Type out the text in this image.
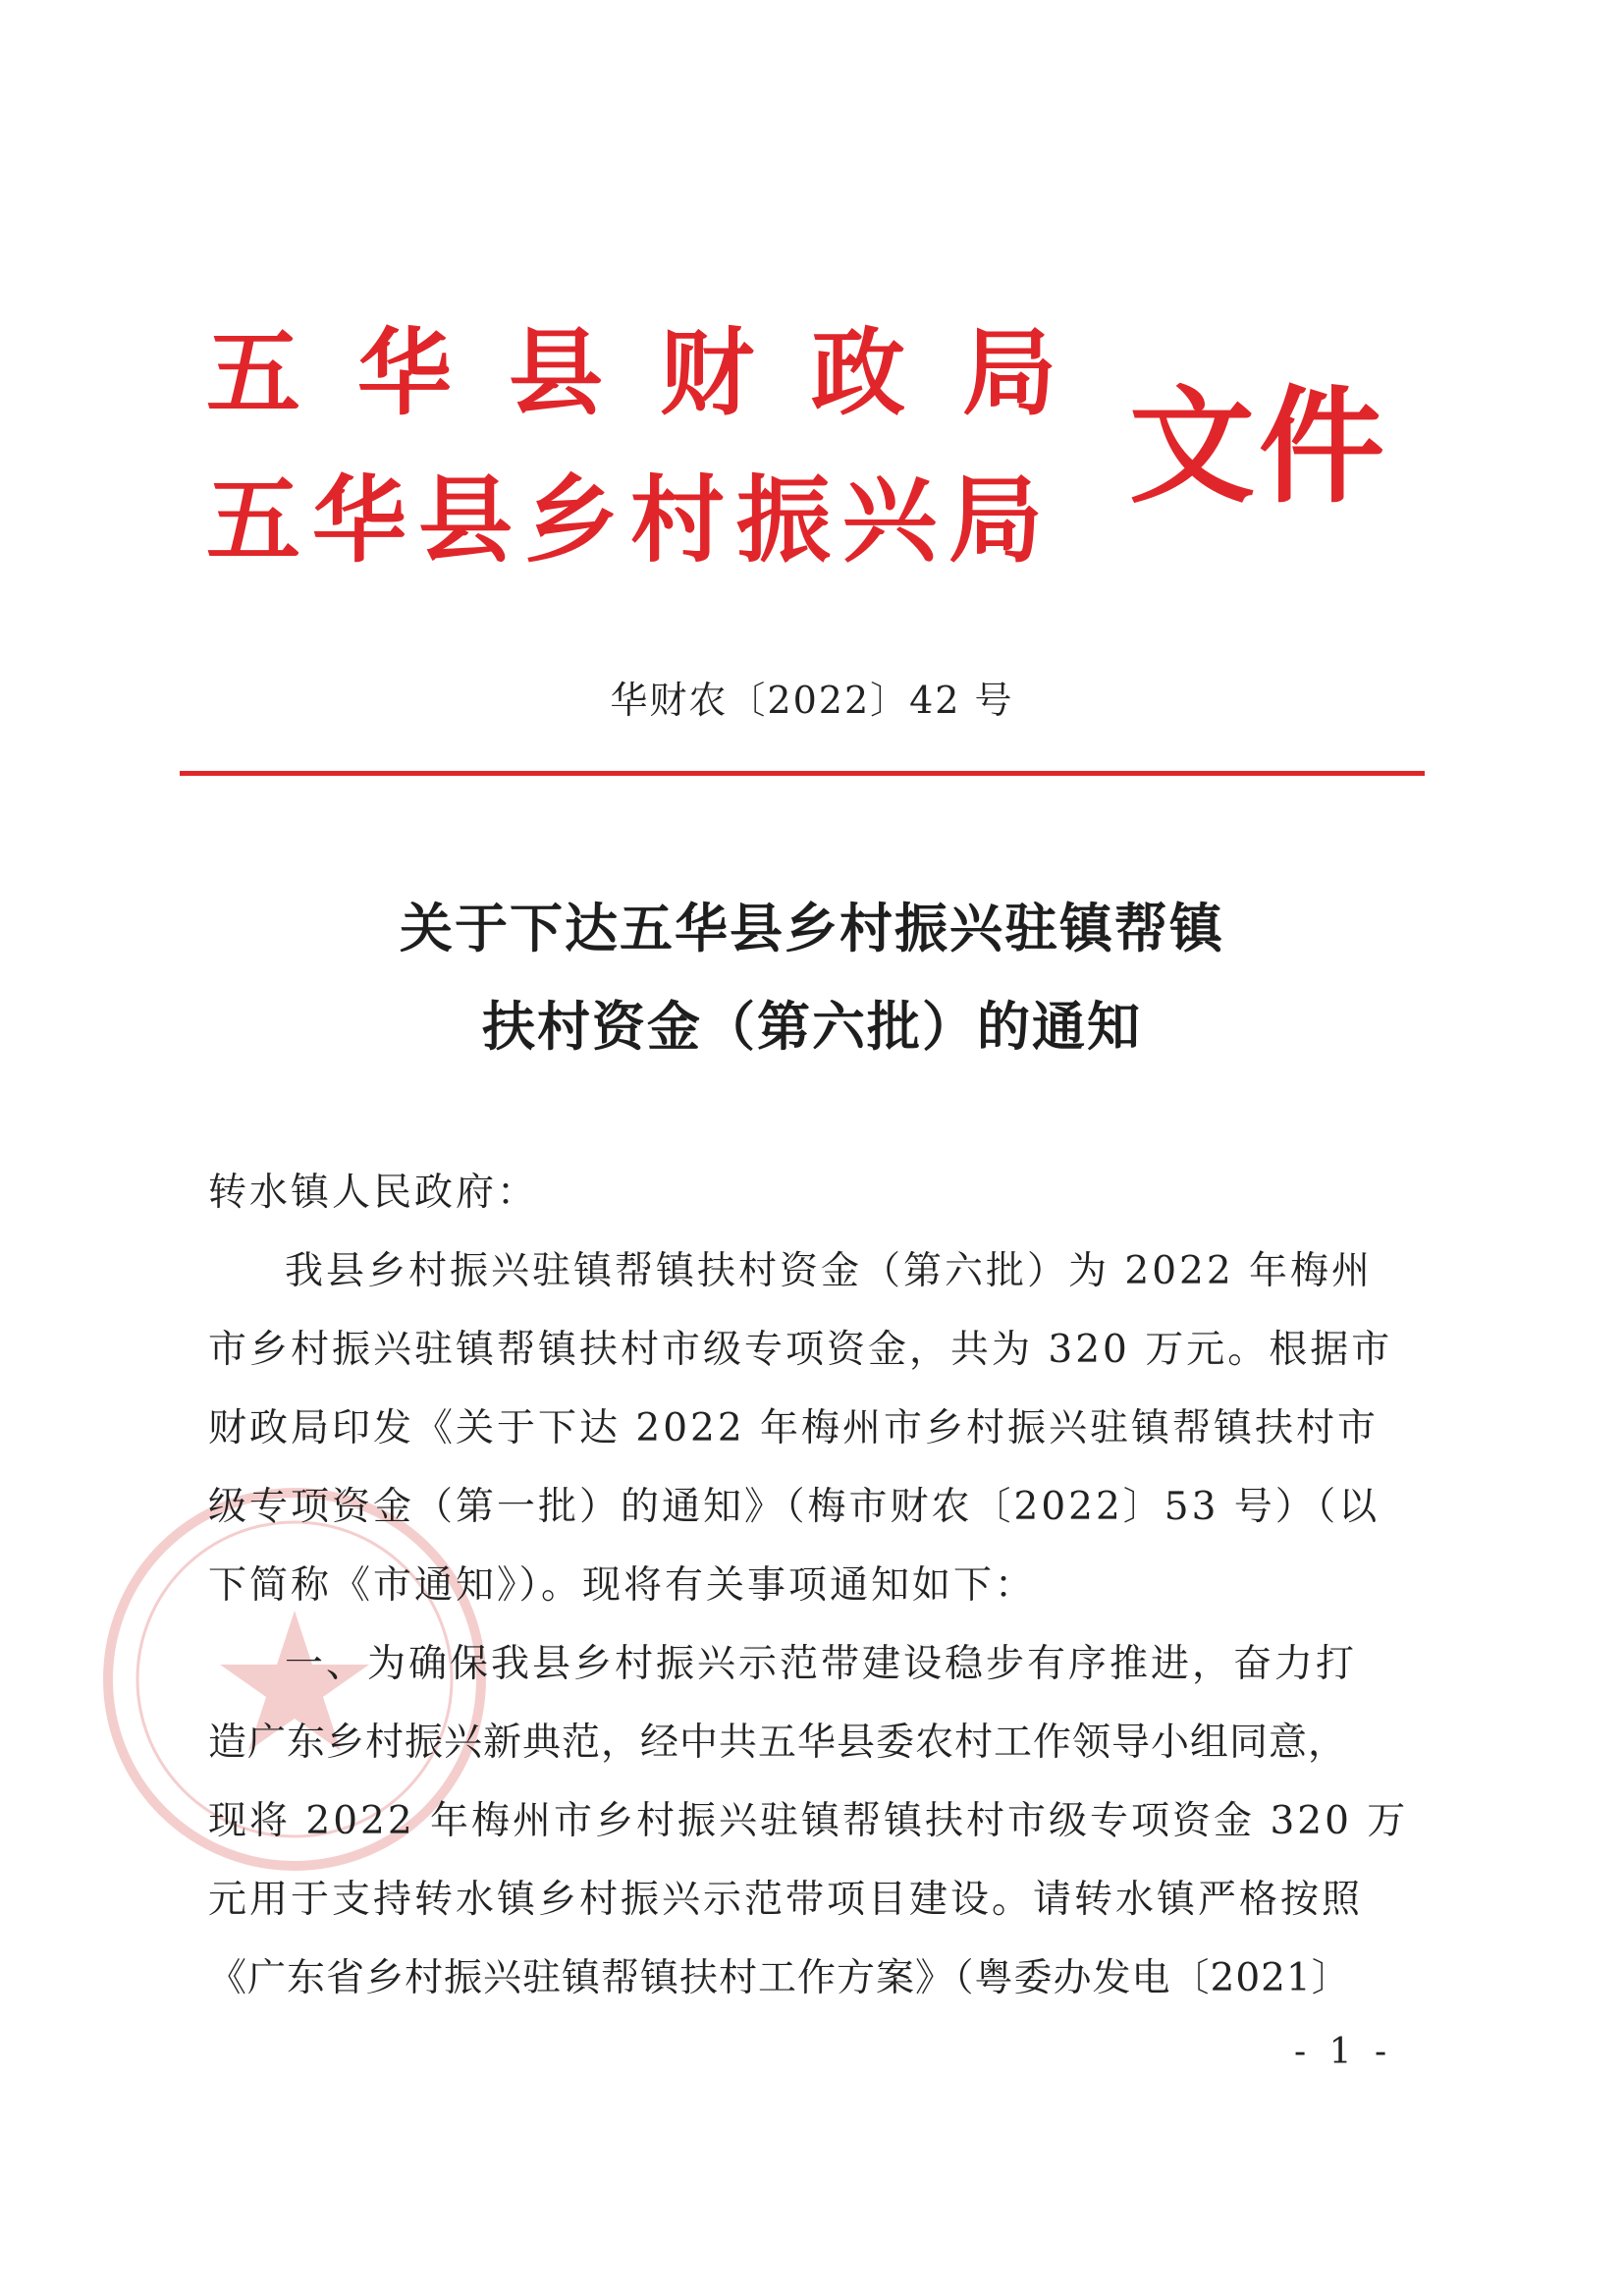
五华县财政局
五华县乡村振兴局 文件
华财农〔2022〕42 号
关于下达五华县乡村振兴驻镇帮镇
扶村资金（第六批）的通知
转水镇人民政府：
我县乡村振兴驻镇帮镇扶村资金（第六批）为 2022 年梅州
市乡村振兴驻镇帮镇扶村市级专项资金，共为 320 万元。根据市
财政局印发《关于下达 2022 年梅州市乡村振兴驻镇帮镇扶村市
级专项资金（第一批）的通知》（梅市财农〔2022〕53 号）（以
下简称《市通知》）。现将有关事项通知如下：
一、为确保我县乡村振兴示范带建设稳步有序推进，奋力打
造广东乡村振兴新典范，经中共五华县委农村工作领导小组同意，
现将 2022 年梅州市乡村振兴驻镇帮镇扶村市级专项资金 320 万
元用于支持转水镇乡村振兴示范带项目建设。请转水镇严格按照
《广东省乡村振兴驻镇帮镇扶村工作方案》（粤委办发电〔2021〕
- 1 -
